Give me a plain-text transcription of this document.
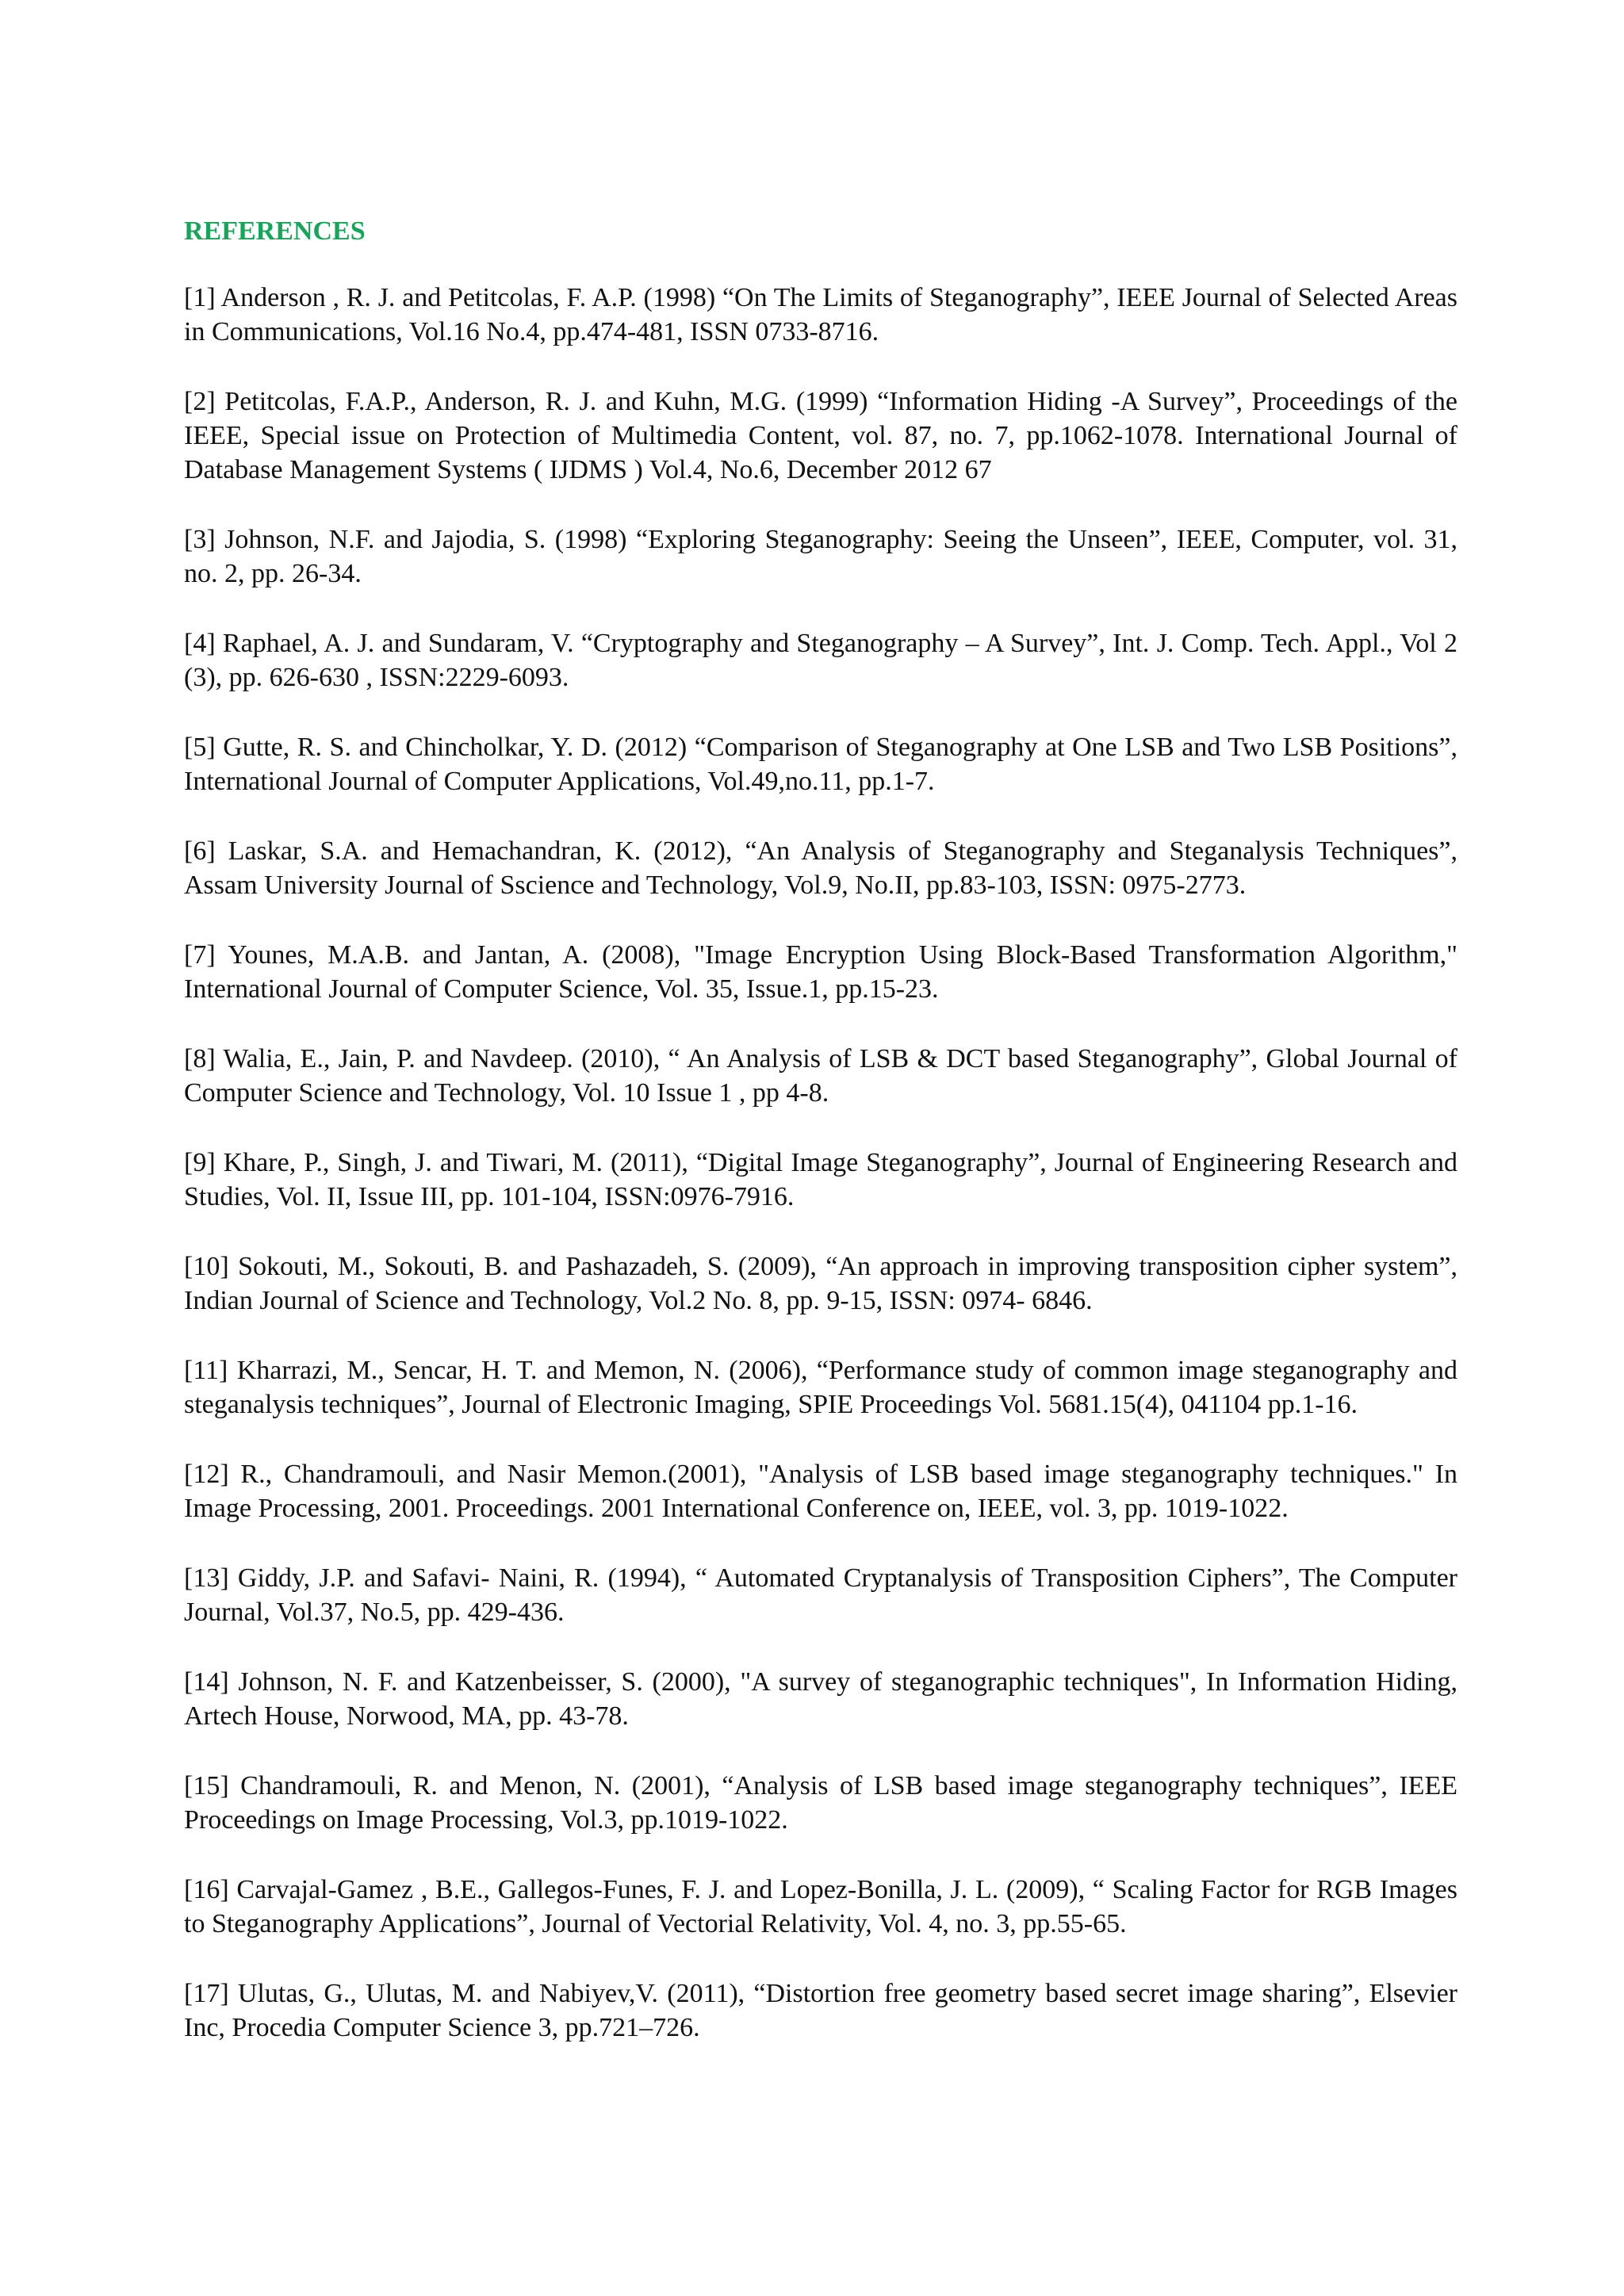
REFERENCES
[1] Anderson , R. J. and Petitcolas, F. A.P. (1998) “On The Limits of Steganography”, IEEE Journal of Selected Areas in Communications, Vol.16 No.4, pp.474-481, ISSN 0733-8716.
[2] Petitcolas, F.A.P., Anderson, R. J. and Kuhn, M.G. (1999) “Information Hiding -A Survey”, Proceedings of the IEEE, Special issue on Protection of Multimedia Content, vol. 87, no. 7, pp.1062-1078. International Journal of Database Management Systems ( IJDMS ) Vol.4, No.6, December 2012 67
[3] Johnson, N.F. and Jajodia, S. (1998) “Exploring Steganography: Seeing the Unseen”, IEEE, Computer, vol. 31, no. 2, pp. 26-34.
[4] Raphael, A. J. and Sundaram, V. “Cryptography and Steganography – A Survey”, Int. J. Comp. Tech. Appl., Vol 2 (3), pp. 626-630 , ISSN:2229-6093.
[5] Gutte, R. S. and Chincholkar, Y. D. (2012) “Comparison of Steganography at One LSB and Two LSB Positions”, International Journal of Computer Applications, Vol.49,no.11, pp.1-7.
[6] Laskar, S.A. and Hemachandran, K. (2012), “An Analysis of Steganography and Steganalysis Techniques”, Assam University Journal of Sscience and Technology, Vol.9, No.II, pp.83-103, ISSN: 0975-2773.
[7] Younes, M.A.B. and Jantan, A. (2008), "Image Encryption Using Block-Based Transformation Algorithm," International Journal of Computer Science, Vol. 35, Issue.1, pp.15-23.
[8] Walia, E., Jain, P. and Navdeep. (2010), “ An Analysis of LSB & DCT based Steganography”, Global Journal of Computer Science and Technology, Vol. 10 Issue 1 , pp 4-8.
[9] Khare, P., Singh, J. and Tiwari, M. (2011), “Digital Image Steganography”, Journal of Engineering Research and Studies, Vol. II, Issue III, pp. 101-104, ISSN:0976-7916.
[10] Sokouti, M., Sokouti, B. and Pashazadeh, S. (2009), “An approach in improving transposition cipher system”, Indian Journal of Science and Technology, Vol.2 No. 8, pp. 9-15, ISSN: 0974- 6846.
[11] Kharrazi, M., Sencar, H. T. and Memon, N. (2006), “Performance study of common image steganography and steganalysis techniques”, Journal of Electronic Imaging, SPIE Proceedings Vol. 5681.15(4), 041104 pp.1-16.
[12] R., Chandramouli, and Nasir Memon.(2001), "Analysis of LSB based image steganography techniques." In Image Processing, 2001. Proceedings. 2001 International Conference on, IEEE, vol. 3, pp. 1019-1022.
[13] Giddy, J.P. and Safavi- Naini, R. (1994), “ Automated Cryptanalysis of Transposition Ciphers”, The Computer Journal, Vol.37, No.5, pp. 429-436.
[14] Johnson, N. F. and Katzenbeisser, S. (2000), "A survey of steganographic techniques", In Information Hiding, Artech House, Norwood, MA, pp. 43-78.
[15] Chandramouli, R. and Menon, N. (2001), “Analysis of LSB based image steganography techniques”, IEEE Proceedings on Image Processing, Vol.3, pp.1019-1022.
[16] Carvajal-Gamez , B.E., Gallegos-Funes, F. J. and Lopez-Bonilla, J. L. (2009), “ Scaling Factor for RGB Images to Steganography Applications”, Journal of Vectorial Relativity, Vol. 4, no. 3, pp.55-65.
[17] Ulutas, G., Ulutas, M. and Nabiyev,V. (2011), “Distortion free geometry based secret image sharing”, Elsevier Inc, Procedia Computer Science 3, pp.721–726.
